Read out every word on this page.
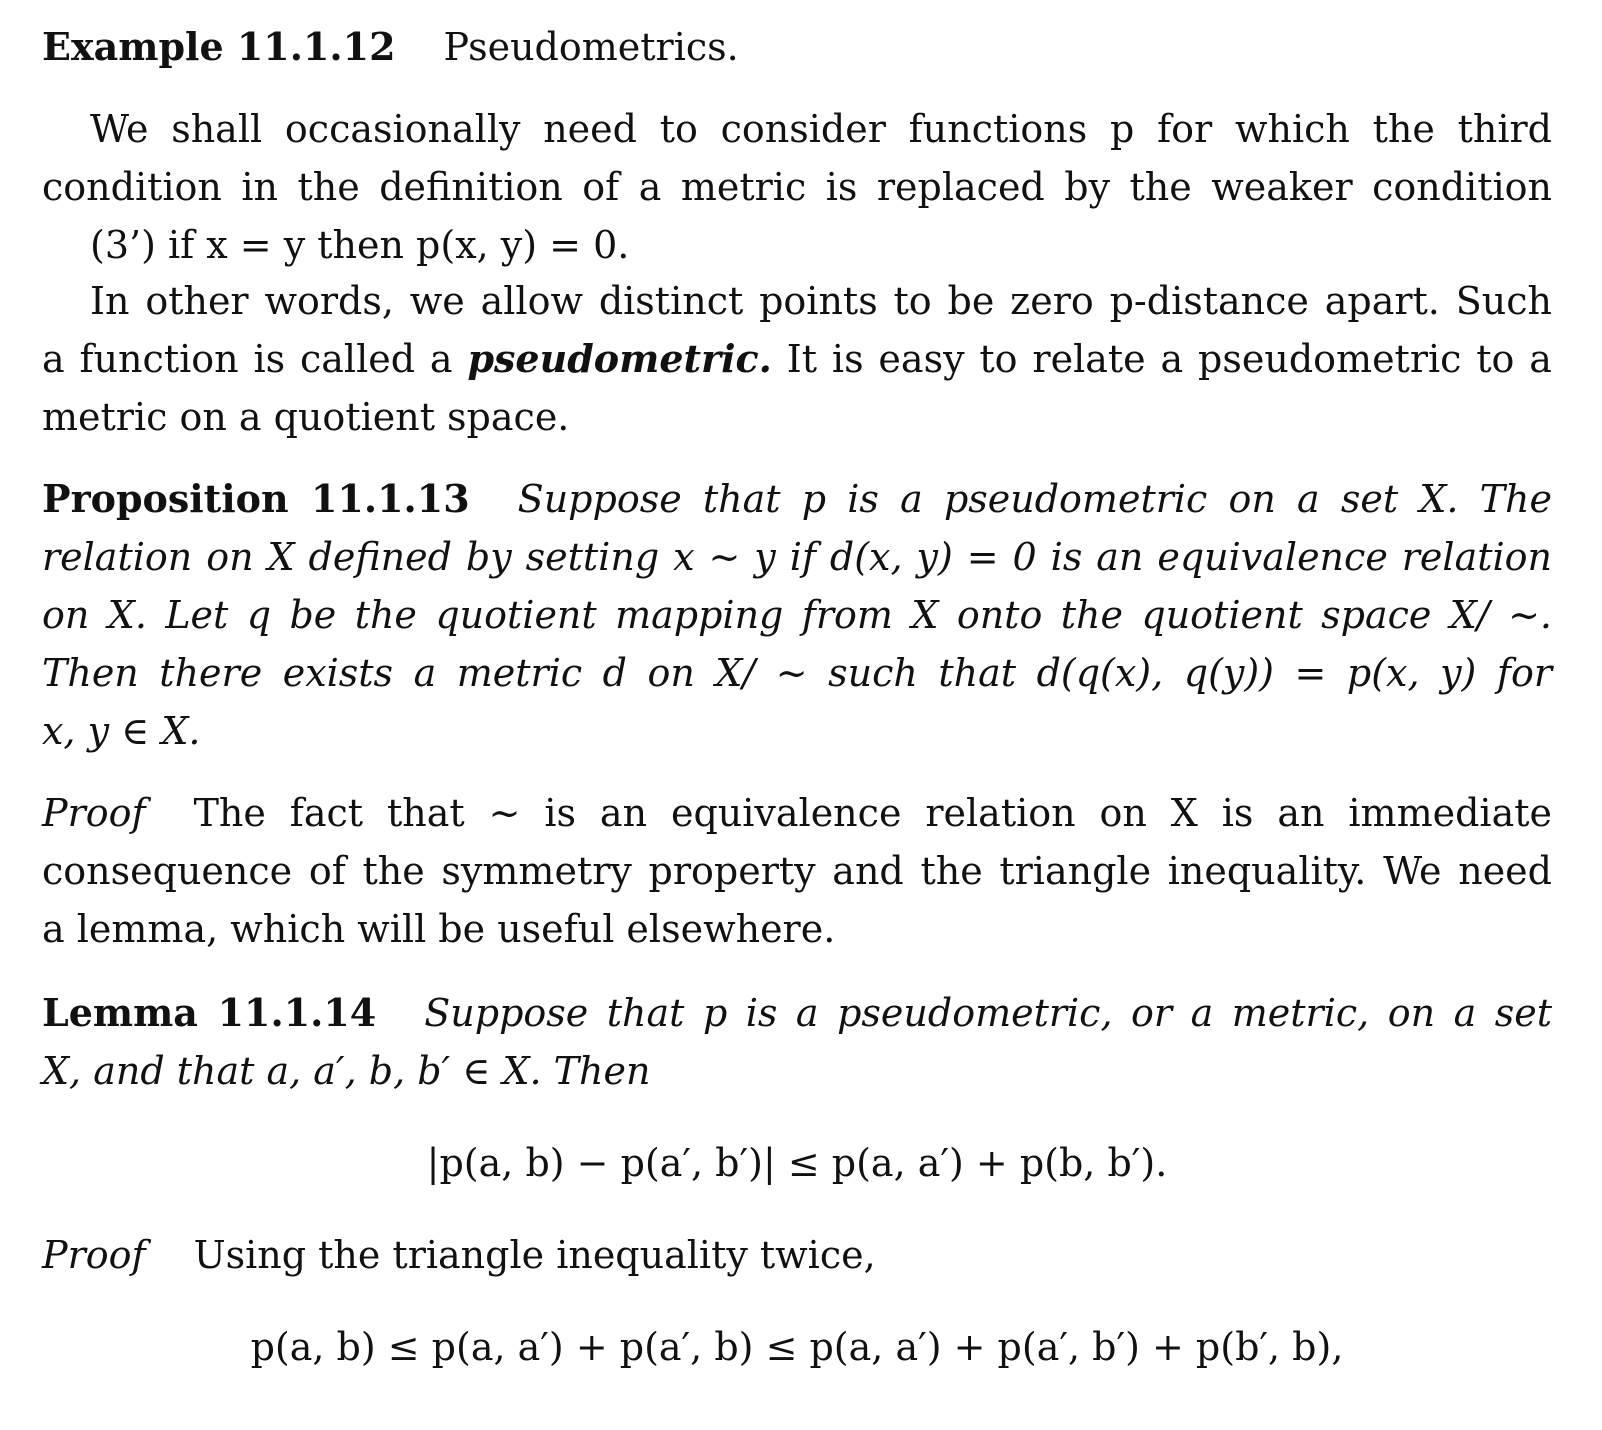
Example 11.1.12 Pseudometrics.
We shall occasionally need to consider functions p for which the third
condition in the definition of a metric is replaced by the weaker condition
(3’) if x = y then p(x, y) = 0.
In other words, we allow distinct points to be zero p-distance apart. Such
a function is called a pseudometric. It is easy to relate a pseudometric to a
metric on a quotient space.
Proposition 11.1.13 Suppose that p is a pseudometric on a set X. The
relation on X defined by setting x ∼ y if d(x, y) = 0 is an equivalence relation
on X. Let q be the quotient mapping from X onto the quotient space X/ ∼.
Then there exists a metric d on X/ ∼ such that d(q(x), q(y)) = p(x, y) for
x, y ∈ X.
Proof The fact that ∼ is an equivalence relation on X is an immediate
consequence of the symmetry property and the triangle inequality. We need
a lemma, which will be useful elsewhere.
Lemma 11.1.14 Suppose that p is a pseudometric, or a metric, on a set
X, and that a, a′, b, b′ ∈ X. Then
|p(a, b) − p(a′, b′)| ≤ p(a, a′) + p(b, b′).
Proof Using the triangle inequality twice,
p(a, b) ≤ p(a, a′) + p(a′, b) ≤ p(a, a′) + p(a′, b′) + p(b′, b),
